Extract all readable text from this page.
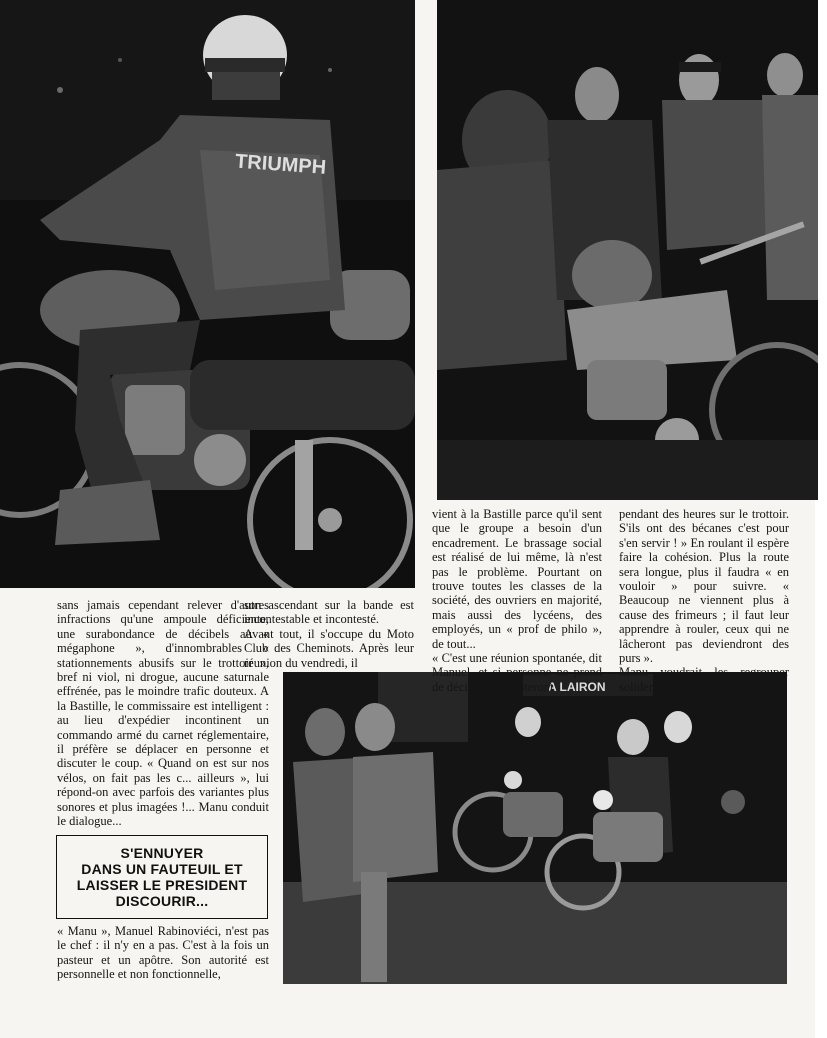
TRIUMPH
A LAIRON
sans jamais cependant relever d'autres infractions qu'une ampoule déficiente, une surabondance de décibels au « mégaphone », d'innombrables « stationnements abusifs sur le trottoir », bref ni viol, ni drogue, aucune saturnale effrénée, pas le moindre trafic douteux. A la Bastille, le commissaire est intelligent : au lieu d'expédier incontinent un commando armé du carnet réglementaire, il préfère se déplacer en personne et discuter le coup. « Quand on est sur nos vélos, on fait pas les c... ailleurs », lui répond-on avec parfois des variantes plus sonores et plus imagées !... Manu conduit le dialogue...
S'ENNUYER
DANS UN FAUTEUIL ET
LAISSER LE PRESIDENT
DISCOURIR...
« Manu », Manuel Rabinoviéci, n'est pas le chef : il n'y en a pas. C'est à la fois un pasteur et un apôtre. Son autorité est personnelle et non fonctionnelle,
son ascendant sur la bande est incontestable et incontesté.
Avant tout, il s'occupe du Moto Club des Cheminots. Après leur réunion du vendredi, il
vient à la Bastille parce qu'il sent que le groupe a besoin d'un encadrement. Le brassage social est réalisé de lui même, là n'est pas le problème. Pourtant on trouve toutes les classes de la société, des ouvriers en majorité, mais aussi des lycéens, des employés, un « prof de philo », de tout...
« C'est une réunion spontanée, dit Manuel, et si personne ne prend de décision, ils resteront
pendant des heures sur le trottoir. S'ils ont des bécanes c'est pour s'en servir ! » En roulant il espère faire la cohésion. Plus la route sera longue, plus il faudra « en vouloir » pour suivre. « Beaucoup ne viennent plus à cause des frimeurs ; il faut leur apprendre à rouler, ceux qui ne lâcheront pas deviendront des purs ».
Manu voudrait les regrouper solidement, les sortir de l'isole-
